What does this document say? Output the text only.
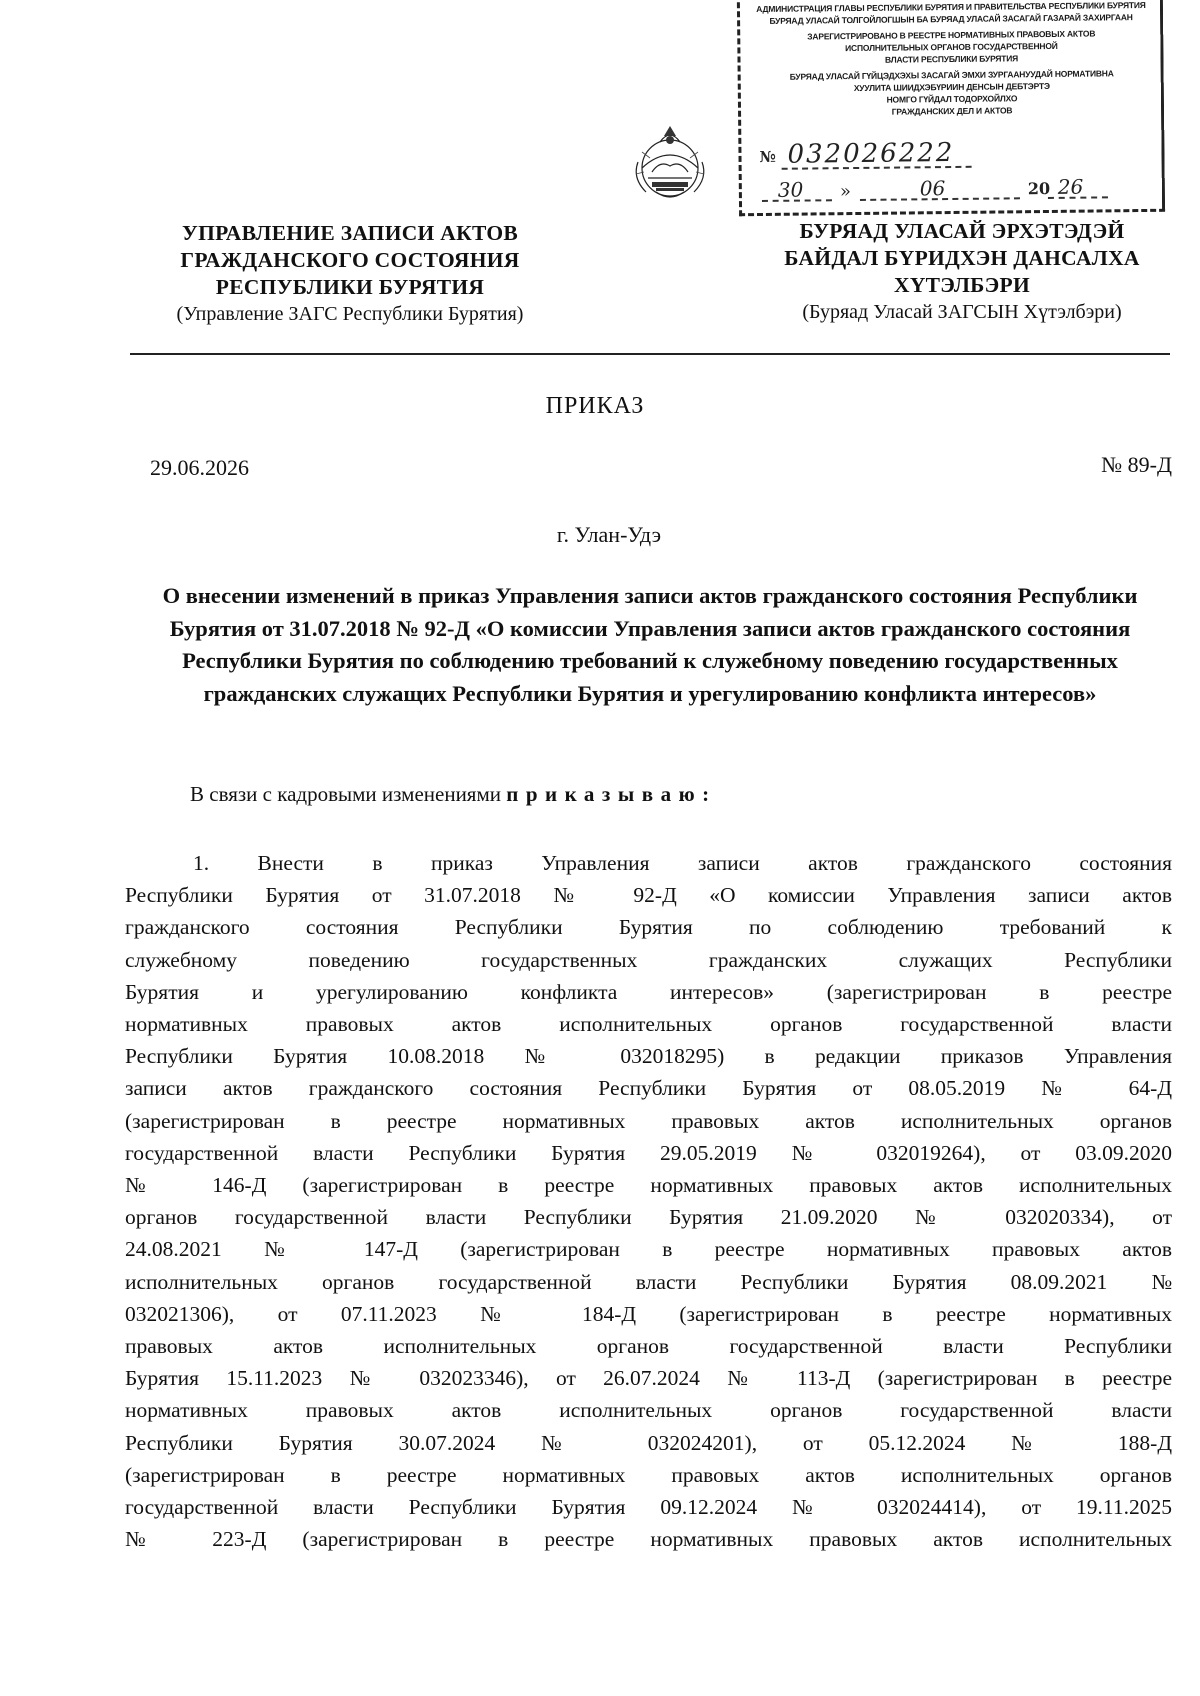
АДМИНИСТРАЦИЯ ГЛАВЫ РЕСПУБЛИКИ БУРЯТИЯ И ПРАВИТЕЛЬСТВА РЕСПУБЛИКИ БУРЯТИЯ
БУРЯАД УЛАСАЙ ТОЛГОЙЛОГШЫН БА БУРЯАД УЛАСАЙ ЗАСАГАЙ ГАЗАРАЙ ЗАХИРГААН
ЗАРЕГИСТРИРОВАНО В РЕЕСТРЕ НОРМАТИВНЫХ ПРАВОВЫХ АКТОВ
ИСПОЛНИТЕЛЬНЫХ ОРГАНОВ ГОСУДАРСТВЕННОЙ
ВЛАСТИ РЕСПУБЛИКИ БУРЯТИЯ
БУРЯАД УЛАСАЙ ГҮЙЦЭДХЭХЫ ЗАСАГАЙ ЭМХИ ЗУРГААНУУДАЙ НОРМАТИВНА
ХУУЛИТА ШИИДХЭБҮРИИН ДЕНСЫН ДЕБТЭРТЭ
НОМГО ГҮЙДАЛ ТОДОРХОЙЛХО
ГРАЖДАНСКИХ ДЕЛ И АКТОВ
№ 032026222
30 »	06	20 26
УПРАВЛЕНИЕ ЗАПИСИ АКТОВ
ГРАЖДАНСКОГО СОСТОЯНИЯ
РЕСПУБЛИКИ БУРЯТИЯ
(Управление ЗАГС Республики Бурятия)
БУРЯАД УЛАСАЙ ЭРХЭТЭДЭЙ
БАЙДАЛ БҮРИДХЭН ДАНСАЛХА
ХҮТЭЛБЭРИ
(Буряад Уласай ЗАГСЫН Хүтэлбэри)
ПРИКАЗ
29.06.2026	№ 89-Д
г. Улан-Удэ
О внесении изменений в приказ Управления записи актов гражданского состояния Республики Бурятия от 31.07.2018 № 92-Д «О комиссии Управления записи актов гражданского состояния Республики Бурятия по соблюдению требований к служебному поведению государственных гражданских служащих Республики Бурятия и урегулированию конфликта интересов»
В связи с кадровыми изменениями приказываю:
1. Внести в приказ Управления записи актов гражданского состояния
Республики Бурятия от 31.07.2018 № 92-Д «О комиссии Управления записи актов
гражданского состояния Республики Бурятия по соблюдению требований к
служебному поведению государственных гражданских служащих Республики
Бурятия и урегулированию конфликта интересов» (зарегистрирован в реестре
нормативных правовых актов исполнительных органов государственной власти
Республики Бурятия 10.08.2018 № 032018295) в редакции приказов Управления
записи актов гражданского состояния Республики Бурятия от 08.05.2019 № 64-Д
(зарегистрирован в реестре нормативных правовых актов исполнительных органов
государственной власти Республики Бурятия 29.05.2019 № 032019264), от 03.09.2020
№ 146-Д (зарегистрирован в реестре нормативных правовых актов исполнительных
органов государственной власти Республики Бурятия 21.09.2020 № 032020334), от
24.08.2021 № 147-Д (зарегистрирован в реестре нормативных правовых актов
исполнительных органов государственной власти Республики Бурятия 08.09.2021 №
032021306), от 07.11.2023 № 184-Д (зарегистрирован в реестре нормативных
правовых актов исполнительных органов государственной власти Республики
Бурятия 15.11.2023 № 032023346), от 26.07.2024 № 113-Д (зарегистрирован в реестре
нормативных правовых актов исполнительных органов государственной власти
Республики Бурятия 30.07.2024 № 032024201), от 05.12.2024 № 188-Д
(зарегистрирован в реестре нормативных правовых актов исполнительных органов
государственной власти Республики Бурятия 09.12.2024 № 032024414), от 19.11.2025
№ 223-Д (зарегистрирован в реестре нормативных правовых актов исполнительных
